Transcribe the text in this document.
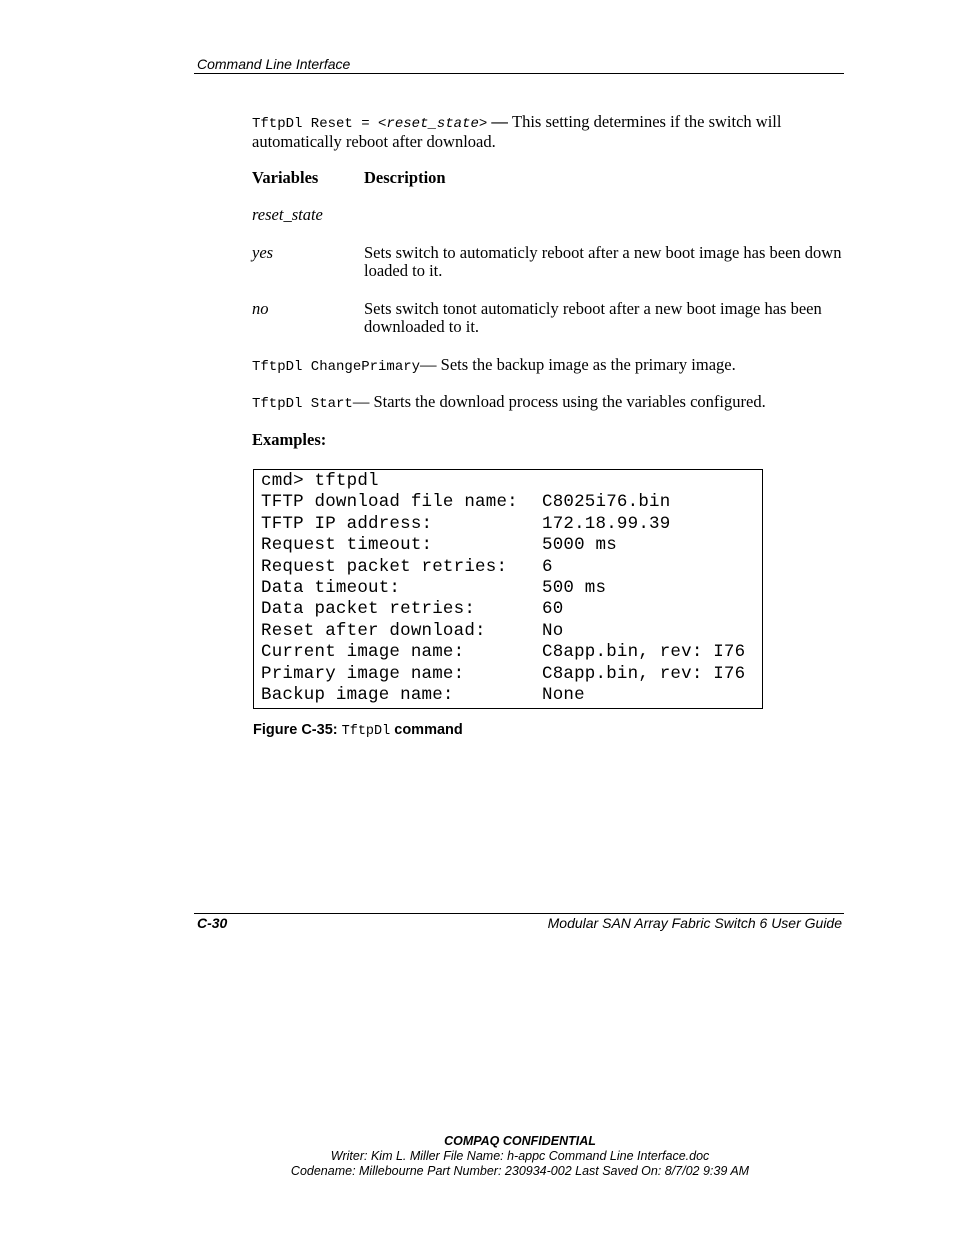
Command Line Interface
TftpDl Reset = <reset_state> — This setting determines if the switch will automatically reboot after download.
Variables	Description
reset_state
yes	Sets switch to automaticly reboot after a new boot image has been down loaded to it.
no	Sets switch tonot automaticly reboot after a new boot image has been downloaded to it.
TftpDl ChangePrimary— Sets the backup image as the primary image.
TftpDl Start— Starts the download process using the variables configured.
Examples:
cmd> tftpdl
TFTP download file name:	C8025i76.bin
TFTP IP address:	172.18.99.39
Request timeout:	5000 ms
Request packet retries:	6
Data timeout:	500 ms
Data packet retries:	60
Reset after download:	No
Current image name:	C8app.bin, rev: I76
Primary image name:	C8app.bin, rev: I76
Backup image name:	None
Figure C-35: TftpDl command
C-30	Modular SAN Array Fabric Switch 6 User Guide
COMPAQ CONFIDENTIAL
Writer: Kim L. Miller File Name: h-appc Command Line Interface.doc
Codename: Millebourne Part Number: 230934-002 Last Saved On: 8/7/02 9:39 AM
